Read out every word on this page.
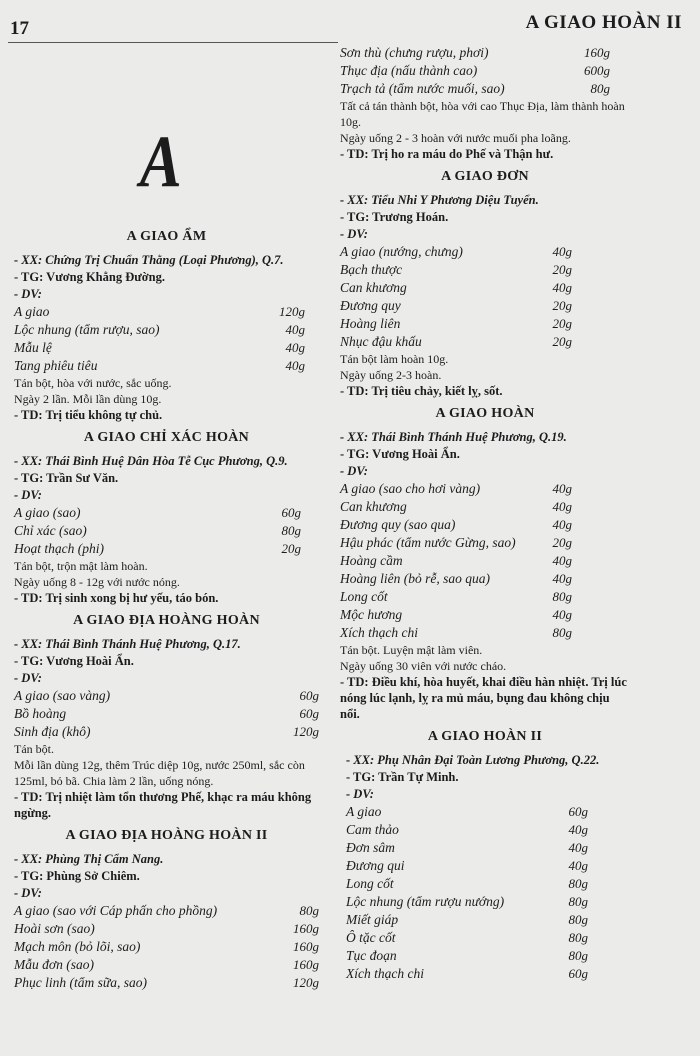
17	A GIAO HOÀN II
A
A GIAO ẨM
- XX: Chứng Trị Chuẩn Thằng (Loại Phương), Q.7.
- TG: Vương Khẳng Đường.
- DV:
A giao	120g
Lộc nhung (tẩm rượu, sao)	40g
Mẫu lệ	40g
Tang phiêu tiêu	40g
Tán bột, hòa với nước, sắc uống.
Ngày 2 lần. Mỗi lần dùng 10g.
- TD: Trị tiểu không tự chủ.
A GIAO CHỈ XÁC HOÀN
- XX: Thái Bình Huệ Dân Hòa Tễ Cục Phương, Q.9.
- TG: Trần Sư Văn.
- DV:
A giao (sao)	60g
Chỉ xác (sao)	80g
Hoạt thạch (phi)	20g
Tán bột, trộn mật làm hoàn.
Ngày uống 8 - 12g với nước nóng.
- TD: Trị sinh xong bị hư yếu, táo bón.
A GIAO ĐỊA HOÀNG HOÀN
- XX: Thái Bình Thánh Huệ Phương, Q.17.
- TG: Vương Hoài Ẩn.
- DV:
A giao (sao vàng)	60g
Bồ hoàng	60g
Sinh địa (khô)	120g
Tán bột.
Mỗi lần dùng 12g, thêm Trúc diệp 10g, nước 250ml, sắc còn 125ml, bỏ bã. Chia làm 2 lần, uống nóng.
- TD: Trị nhiệt làm tổn thương Phế, khạc ra máu không ngừng.
A GIAO ĐỊA HOÀNG HOÀN II
- XX: Phùng Thị Cẩm Nang.
- TG: Phùng Sở Chiêm.
- DV:
A giao (sao với Cáp phấn cho phồng)	80g
Hoài sơn (sao)	160g
Mạch môn (bỏ lõi, sao)	160g
Mẫu đơn (sao)	160g
Phục linh (tẩm sữa, sao)	120g
Sơn thù (chưng rượu, phơi)	160g
Thục địa (nấu thành cao)	600g
Trạch tả (tẩm nước muối, sao)	80g
Tất cả tán thành bột, hòa với cao Thục Địa, làm thành hoàn 10g.
Ngày uống 2 - 3 hoàn với nước muối pha loãng.
- TD: Trị ho ra máu do Phế và Thận hư.
A GIAO ĐƠN
- XX: Tiểu Nhi Y Phương Diệu Tuyển.
- TG: Trương Hoán.
- DV:
A giao (nướng, chưng)	40g
Bạch thược	20g
Can khương	40g
Đương quy	20g
Hoàng liên	20g
Nhục đậu khấu	20g
Tán bột làm hoàn 10g.
Ngày uống 2-3 hoàn.
- TD: Trị tiêu chảy, kiết lỵ, sốt.
A GIAO HOÀN
- XX: Thái Bình Thánh Huệ Phương, Q.19.
- TG: Vương Hoài Ẩn.
- DV:
A giao (sao cho hơi vàng)	40g
Can khương	40g
Đương quy (sao qua)	40g
Hậu phác (tẩm nước Gừng, sao)	20g
Hoàng cầm	40g
Hoàng liên (bỏ rễ, sao qua)	40g
Long cốt	80g
Mộc hương	40g
Xích thạch chi	80g
Tán bột. Luyện mật làm viên.
Ngày uống 30 viên với nước cháo.
- TD: Điều khí, hòa huyết, khai điều hàn nhiệt. Trị lúc nóng lúc lạnh, lỵ ra mủ máu, bụng đau không chịu nổi.
A GIAO HOÀN II
- XX: Phụ Nhân Đại Toàn Lương Phương, Q.22.
- TG: Trần Tự Minh.
- DV:
A giao	60g
Cam thảo	40g
Đơn sâm	40g
Đương qui	40g
Long cốt	80g
Lộc nhung (tẩm rượu nướng)	80g
Miết giáp	80g
Ô tặc cốt	80g
Tục đoạn	80g
Xích thạch chi	60g
